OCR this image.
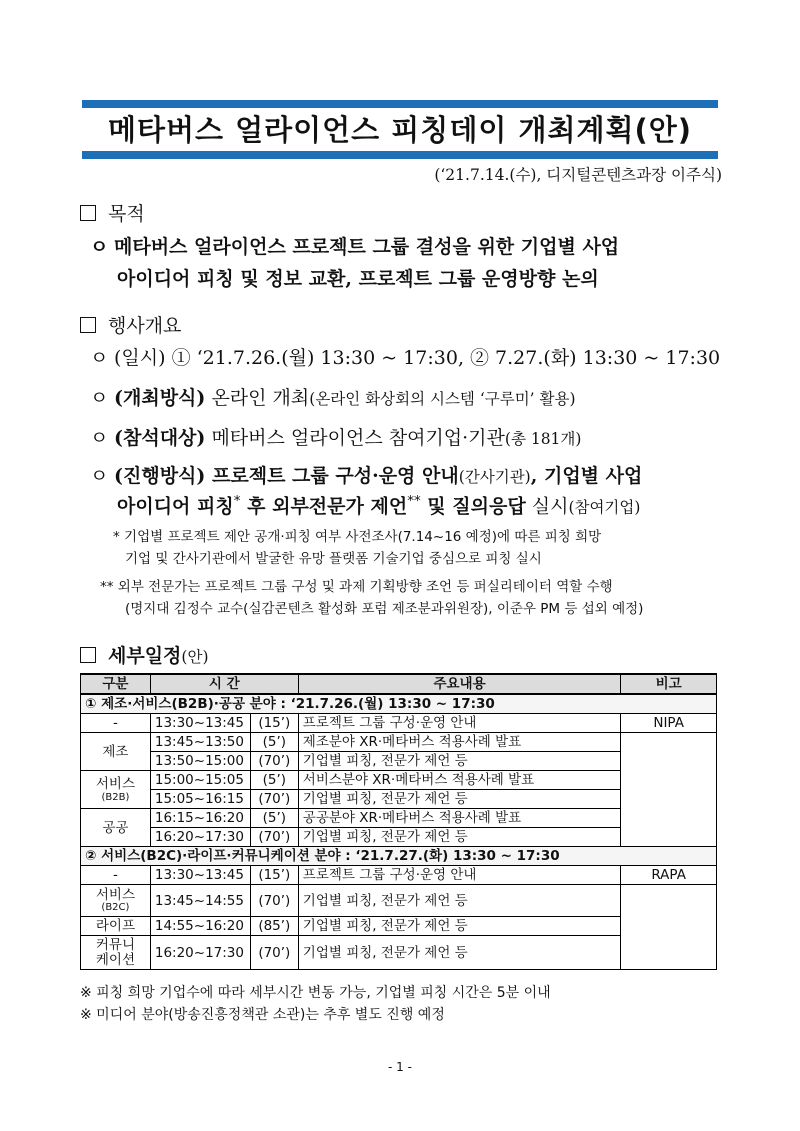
메타버스 얼라이언스 피칭데이 개최계획(안)
(‘21.7.14.(수), 디지털콘텐츠과장 이주식)
목적
ㅇ 메타버스 얼라이언스 프로젝트 그룹 결성을 위한 기업별 사업
아이디어 피칭 및 정보 교환, 프로젝트 그룹 운영방향 논의
행사개요
ㅇ (일시) ① ‘21.7.26.(월) 13:30 ~ 17:30, ② 7.27.(화) 13:30 ~ 17:30
ㅇ (개최방식) 온라인 개최(온라인 화상회의 시스템 ‘구루미’ 활용)
ㅇ (참석대상) 메타버스 얼라이언스 참여기업·기관(총 181개)
ㅇ (진행방식) 프로젝트 그룹 구성·운영 안내(간사기관), 기업별 사업
아이디어 피칭* 후 외부전문가 제언** 및 질의응답 실시(참여기업)
* 기업별 프로젝트 제안 공개·피칭 여부 사전조사(7.14~16 예정)에 따른 피칭 희망
기업 및 간사기관에서 발굴한 유망 플랫폼 기술기업 중심으로 피칭 실시
** 외부 전문가는 프로젝트 그룹 구성 및 과제 기획방향 조언 등 퍼실리테이터 역할 수행
(명지대 김정수 교수(실감콘텐츠 활성화 포럼 제조분과위원장), 이준우 PM 등 섭외 예정)
세부일정(안)
구분	시 간		주요내용	비고
① 제조·서비스(B2B)·공공 분야 : ‘21.7.26.(월) 13:30 ~ 17:30				
-	13:30~13:45	(15’)	프로젝트 그룹 구성·운영 안내	NIPA
제조	13:45~13:50	(5’)	제조분야 XR·메타버스 적용사례 발표	
	13:50~15:00	(70’)	기업별 피칭, 전문가 제언 등	
서비스
(B2B)	15:00~15:05	(5’)	서비스분야 XR·메타버스 적용사례 발표	
	15:05~16:15	(70’)	기업별 피칭, 전문가 제언 등	
공공	16:15~16:20	(5’)	공공분야 XR·메타버스 적용사례 발표	
	16:20~17:30	(70’)	기업별 피칭, 전문가 제언 등	
② 서비스(B2C)·라이프·커뮤니케이션 분야 : ‘21.7.27.(화) 13:30 ~ 17:30				
-	13:30~13:45	(15’)	프로젝트 그룹 구성·운영 안내	RAPA
서비스
(B2C)	13:45~14:55	(70’)	기업별 피칭, 전문가 제언 등	
라이프	14:55~16:20	(85’)	기업별 피칭, 전문가 제언 등	
커뮤니
케이션	16:20~17:30	(70’)	기업별 피칭, 전문가 제언 등	
※ 피칭 희망 기업수에 따라 세부시간 변동 가능, 기업별 피칭 시간은 5분 이내
※ 미디어 분야(방송진흥정책관 소관)는 추후 별도 진행 예정
- 1 -
